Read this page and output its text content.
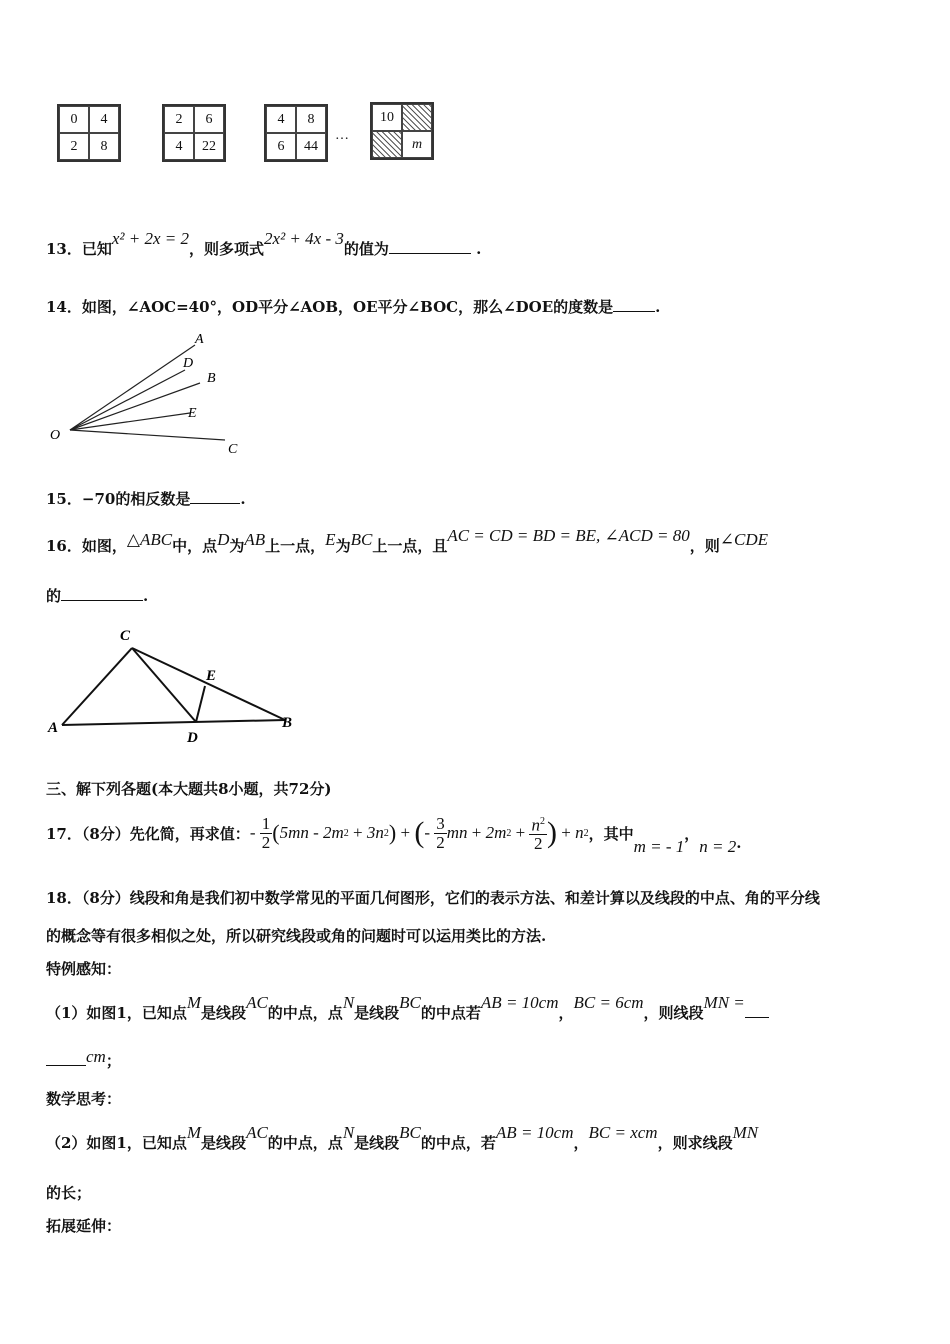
0	4
2	8
2	6
4	22
4	8
6	44
…
10
m
13．已知x² + 2x = 2，则多项式2x² + 4x - 3的值为	.
14．如图，∠AOC=40°，OD平分∠AOB，OE平分∠BOC，那么∠DOE的度数是	.
A
D
B
E
C
O
15．−70的相反数是	.
16．如图，△ABC中，点D为AB上一点，E为BC上一点，且AC = CD = BD = BE, ∠ACD = 80，则∠CDE
的	.
C
E
A
D
B
三、解下列各题(本大题共8小题，共72分)
17．（8分）先化简，再求值： - $\frac{1}{2}$ ( 5mn - 2m 2 + 3n 2 ) + ( - $\frac{3}{2}$ mn + 2m $2 + \frac{n^2}{2}$ ) + n 2 ，其中
m = - 1
，
n = 2 .
18．（8分）线段和角是我们初中数学常见的平面几何图形，它们的表示方法、和差计算以及线段的中点、角的平分线
的概念等有很多相似之处，所以研究线段或角的问题时可以运用类比的方法.
特例感知：
（1）如图1，已知点M是线段AC的中点，点N是线段BC的中点若AB = 10cm，BC = 6cm，则线段MN =
cm；
数学思考：
（2）如图1，已知点M是线段AC的中点，点N是线段BC的中点，若AB = 10cm，BC = xcm，则求线段MN
的长；
拓展延伸：
